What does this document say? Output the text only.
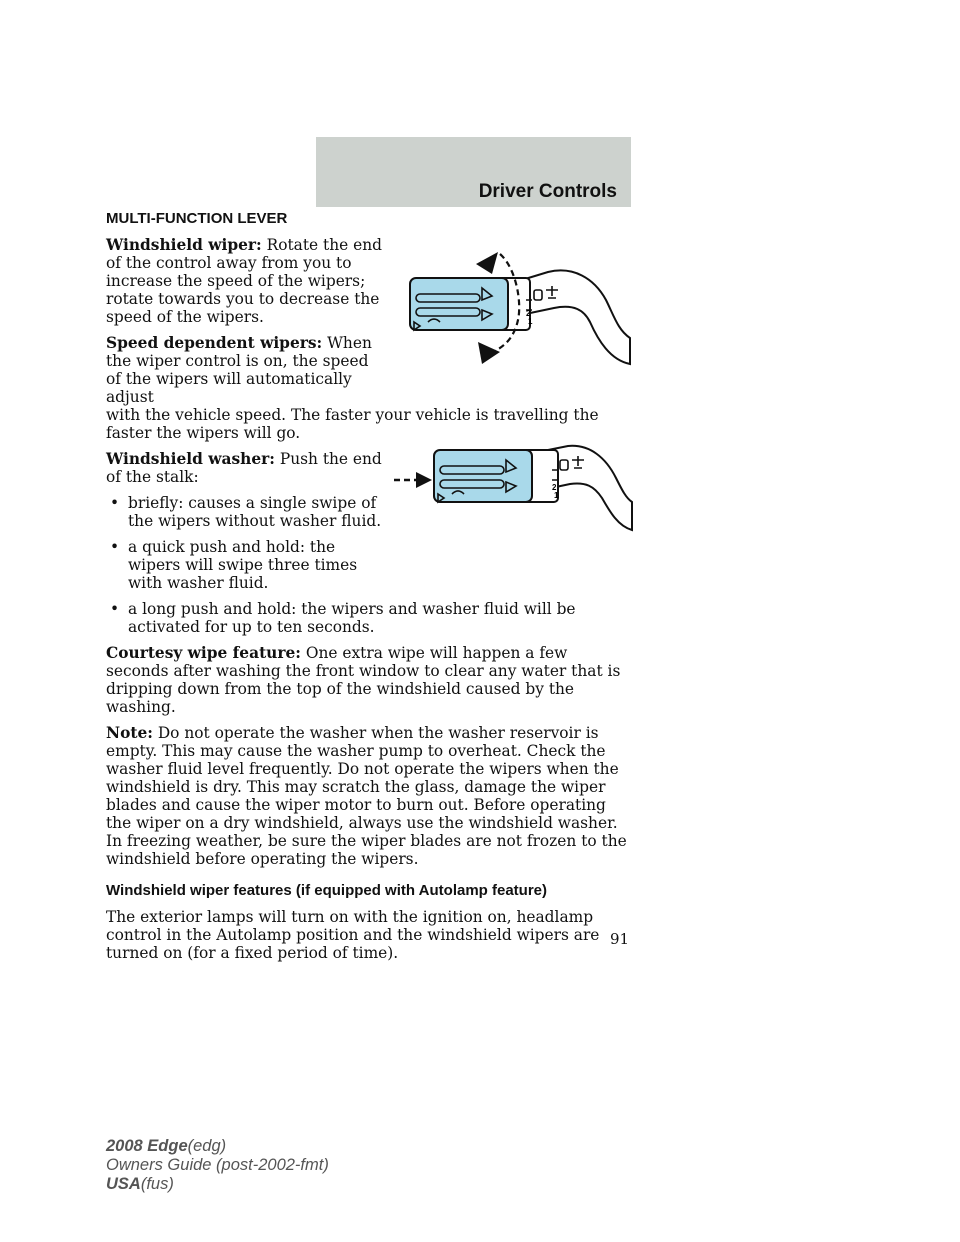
Driver Controls
2
1
2
1
MULTI-FUNCTION LEVER

Windshield wiper: Rotate the end of the control away from you to increase the speed of the wipers; rotate towards you to decrease the speed of the wipers.

Speed dependent wipers: When the wiper control is on, the speed of the wipers will automatically adjust
with the vehicle speed. The faster your vehicle is travelling the faster the wipers will go.

Windshield washer: Push the end of the stalk:

• briefly: causes a single swipe of the wipers without washer fluid.
• a quick push and hold: the wipers will swipe three times with washer fluid.
• a long push and hold: the wipers and washer fluid will be activated for up to ten seconds.

Courtesy wipe feature: One extra wipe will happen a few seconds after washing the front window to clear any water that is dripping down from the top of the windshield caused by the washing.

Note: Do not operate the washer when the washer reservoir is empty. This may cause the washer pump to overheat. Check the washer fluid level frequently. Do not operate the wipers when the windshield is dry. This may scratch the glass, damage the wiper blades and cause the wiper motor to burn out. Before operating the wiper on a dry windshield, always use the windshield washer. In freezing weather, be sure the wiper blades are not frozen to the windshield before operating the wipers.

Windshield wiper features (if equipped with Autolamp feature)

The exterior lamps will turn on with the ignition on, headlamp control in the Autolamp position and the windshield wipers are turned on (for a fixed period of time).

91
2008 Edge(edg)
Owners Guide (post-2002-fmt)
USA(fus)
